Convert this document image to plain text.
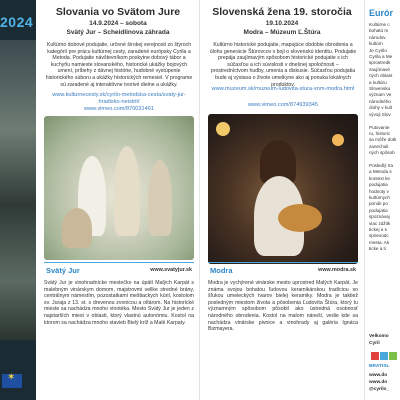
2024
✶
Slovania vo Svätom Jure
14.9.2024 – sobota
Svätý Jur – Scheidlinova záhrada
Kultúrno dobové podujatie, určené širokej verejnosti zo štyroch kategórií pre prácu kultúrnej cesty, zaradené európsky Cyrila a Metoda. Podujatie návštevníkom poskytne dobový tábor a kuchyňu namieste slovanského, historické ukážky bojových umení, príbehy z dávnej histórie, hudobné vystúpenie historického súboru a ukážky historických remesiel. V programe sú zaradené aj interaktívne tvorivé dielne a ukážky.
www.kulturnecesty.sk/cyrilo-metodska-cesta/svaty-jur-hradisko-neistrit/
www.vimeo.com/870031461
Svätý Jur	www.svatyjur.sk
Svätý Jur je vinohradnícke mestečko na úpätí Malých Karpát s malebným vinárskym domom, majstrovmi vellke stredné brány, centrálnym námestím, pozostatkami meštiackych kúrií, kostolom sv. Juraja z 13. st. s drevenou zvonicou a oltárom. Na historické mieste sa nachádza mnoho vinotéka. Mesto Svätý Jur je jeden z najstarších miest v oblasti, ktorý vlastnú autonómiu. Kostol na ktorom sa nachádza mnoho stavieb Bielý kríž a Malé Karpaty.
Slovenská žena 19. storočia
19.10.2024
Modra – Múzeum Ľ.Štúra
Kultúrno historické podujatie, mapujúce obdobie obrodenia a úlohu generácie Štúrovcov v boji o slovenskú identitu. Podujatie prepája zaujímavým spôsobom historické podujatie s ich súčasťou a ich súvislosti v dnešnej spoločnosti – prostredníctvom hudby, umenia a diskusie. Súčasťou podujatia bude aj výstava o živote umelkyne ako aj ponuka lokálnych produktov.
www.muzeum.sk/muzeum-ludovita-stura-snm-modra.html
www.vimeo.com/874939345
Modra	www.modra.sk
Modra je vychýrené vinárske mesto uprostred Malých Karpát. Je známa svojou bohatou ľudovou keramikárskou tradíciou so šľukou umeleckých tvarov bielej keramiky. Modra je taktiež posledným miestom života a pôsobenia Ľudovíta Štúra, ktorý tu významným spôsobom pôsobil ako ústredná osobnosť národného obrodenia. Kostol na malom náneší, vedie kde sa nachádza vinárske pivnice a vinohrady aj galéria Ignáca Bizmayera.
Eurór
Kultúrne c
bohatú m
národov
kultúrn
Je Cyrilo
Cyrila a Me
sprostredk
zaujímavé
ných oblast
a kultúru
Slovensku
význam Ve
národného
úlohy v kult
vývoji Slov

Putovanie
ru, historic
sa môže dotk
zanechali
ných spôsob

Posledlý tra
a Metoda s
kontext ke
podujatia
hodnoty v
kultúrnych
ponúk po
podujatia
spoznávaj
viac zážitk
tickej a s
sprievodc
mesta. Ak
ticke a ti
Velkomo
Cyril
BRATISL
www.do
www.do
@cyrilo_
